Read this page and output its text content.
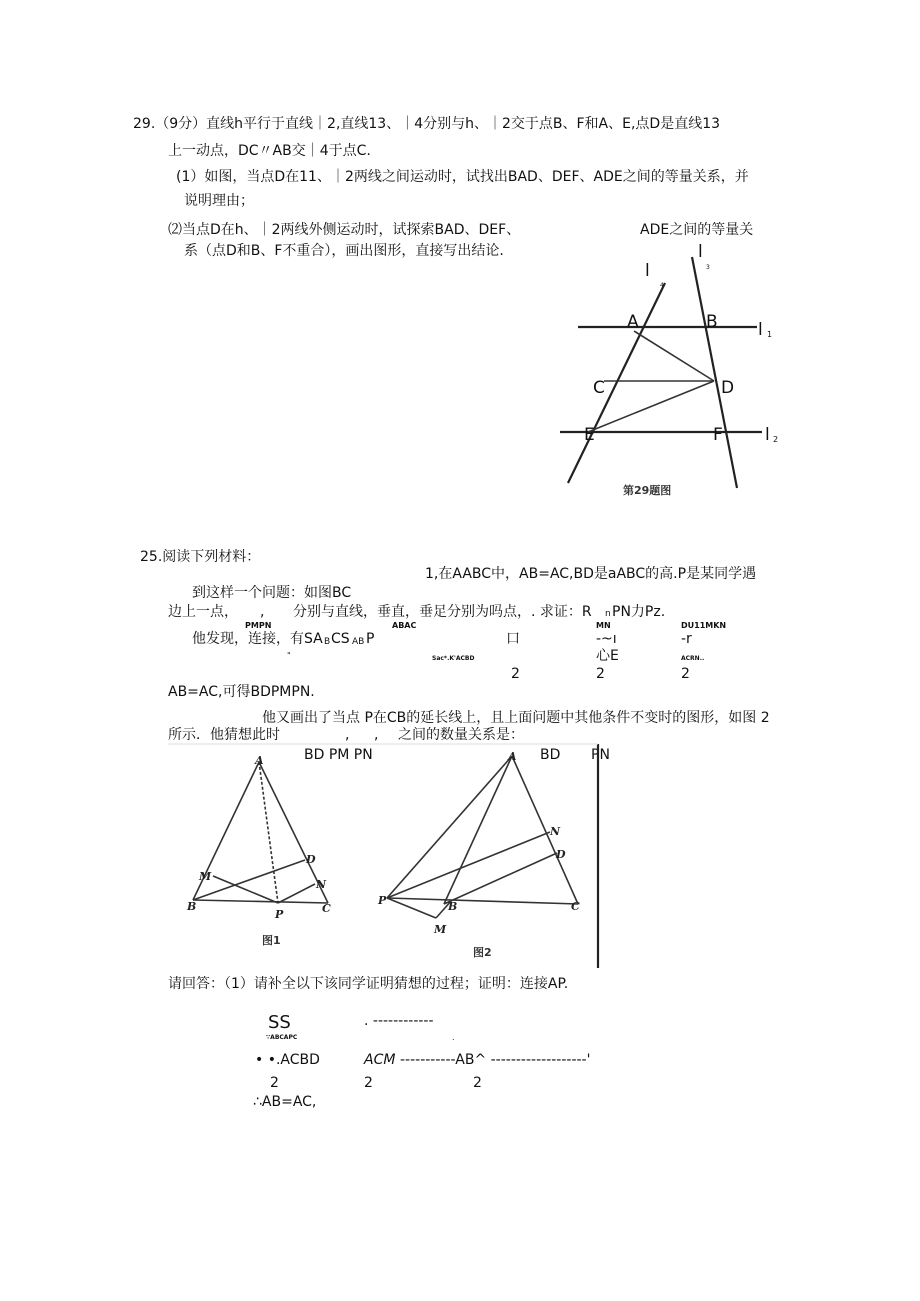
29.（9分）直线h平行于直线｜2,直线13、｜4分别与h、｜2交于点B、F和A、E,点D是直线13
上一动点，DC〃AB交｜4于点C.
(1）如图，当点D在11、｜2两线之间运动时，试找出BAD、DEF、ADE之间的等量关系，并
说明理由；
⑵当点D在h、｜2两线外侧运动时，试探索BAD、DEF、	ADE之间的等量关
系（点D和B、F不重合），画出图形，直接写出结论.
A	B
C	D
E	F
l
4
l
3
l 1
l 2
第29题图
25.阅读下列材料：
1,在AABC中，AB=AC,BD是aABC的高.P是某同学遇
到这样一个问题：如图BC
边上一点， , 分别与直线，垂直，垂足分别为吗点，. 求证：R n PN力Pz.
PMPN	ABAC	MN	DU11MKN
他发现，连接，有SA B CS AB P	口	-~ı	-r
"	Sac*.K'ACBD	心E	ACRN..
2	2	2
AB=AC,可得BDPMPN.
他又画出了当点 P在CB的延长线上，且上面问题中其他条件不变时的图形，如图 2
所示．他猜想此时	, , 之间的数量关系是：
BD PM PN	BD PN
A
B	C
D
M
N
P
图1
A
B	C
D
M
N
P
图2
请回答：（1）请补全以下该同学证明猜想的过程；证明：连接AP.
SS
∵ABCAPC
. ------------
.
• •.ACBD	ACM -----------AB^ -------------------'
2	2	2
∴AB=AC,
